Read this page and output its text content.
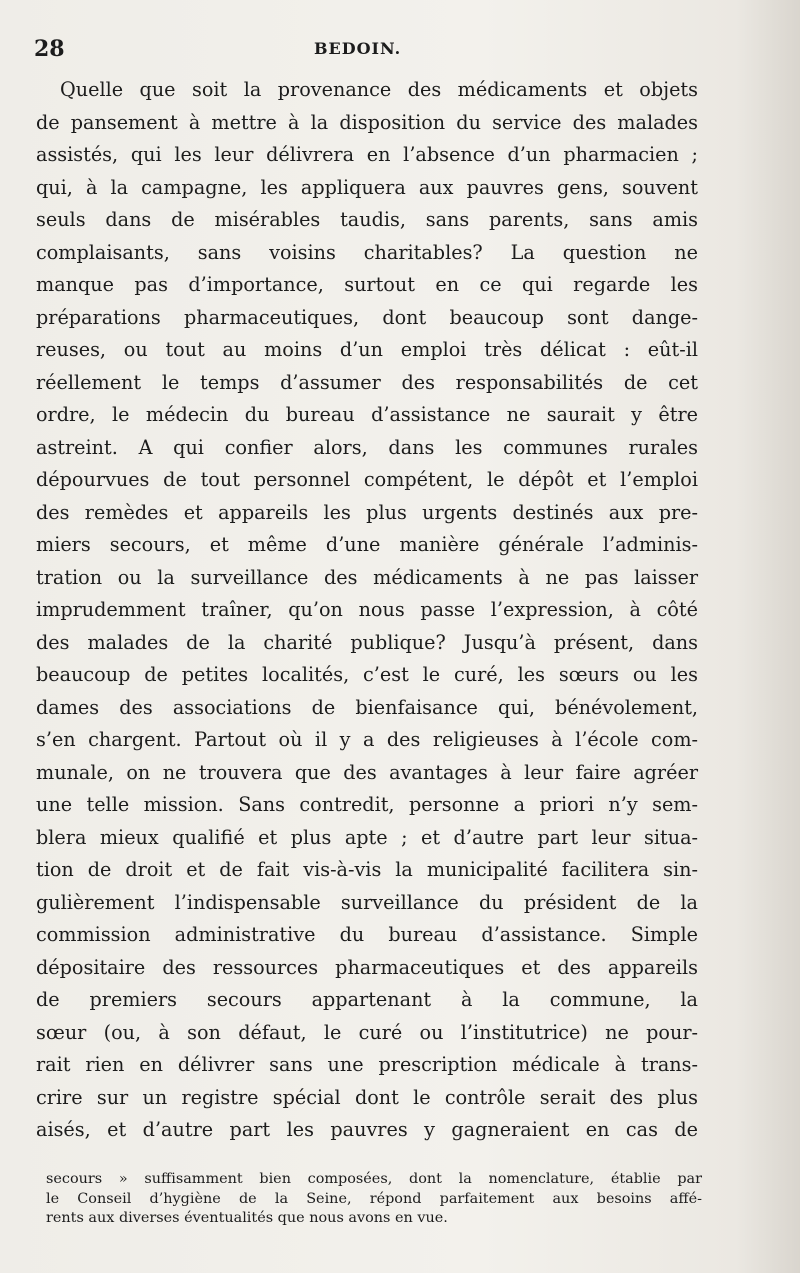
28	BEDOIN.
Quelle que soit la provenance des médicaments et objets
de pansement à mettre à la disposition du service des malades
assistés, qui les leur délivrera en l’absence d’un pharmacien ;
qui, à la campagne, les appliquera aux pauvres gens, souvent
seuls dans de misérables taudis, sans parents, sans amis
complaisants, sans voisins charitables? La question ne
manque pas d’importance, surtout en ce qui regarde les
préparations pharmaceutiques, dont beaucoup sont dange-
reuses, ou tout au moins d’un emploi très délicat : eût-il
réellement le temps d’assumer des responsabilités de cet
ordre, le médecin du bureau d’assistance ne saurait y être
astreint. A qui confier alors, dans les communes rurales
dépourvues de tout personnel compétent, le dépôt et l’emploi
des remèdes et appareils les plus urgents destinés aux pre-
miers secours, et même d’une manière générale l’adminis-
tration ou la surveillance des médicaments à ne pas laisser
imprudemment traîner, qu’on nous passe l’expression, à côté
des malades de la charité publique? Jusqu’à présent, dans
beaucoup de petites localités, c’est le curé, les sœurs ou les
dames des associations de bienfaisance qui, bénévolement,
s’en chargent. Partout où il y a des religieuses à l’école com-
munale, on ne trouvera que des avantages à leur faire agréer
une telle mission. Sans contredit, personne a priori n’y sem-
blera mieux qualifié et plus apte ; et d’autre part leur situa-
tion de droit et de fait vis-à-vis la municipalité facilitera sin-
gulièrement l’indispensable surveillance du président de la
commission administrative du bureau d’assistance. Simple
dépositaire des ressources pharmaceutiques et des appareils
de premiers secours appartenant à la commune, la
sœur (ou, à son défaut, le curé ou l’institutrice) ne pour-
rait rien en délivrer sans une prescription médicale à trans-
crire sur un registre spécial dont le contrôle serait des plus
aisés, et d’autre part les pauvres y gagneraient en cas de
secours » suffisamment bien composées, dont la nomenclature, établie par
le Conseil d’hygiène de la Seine, répond parfaitement aux besoins affé-
rents aux diverses éventualités que nous avons en vue.
